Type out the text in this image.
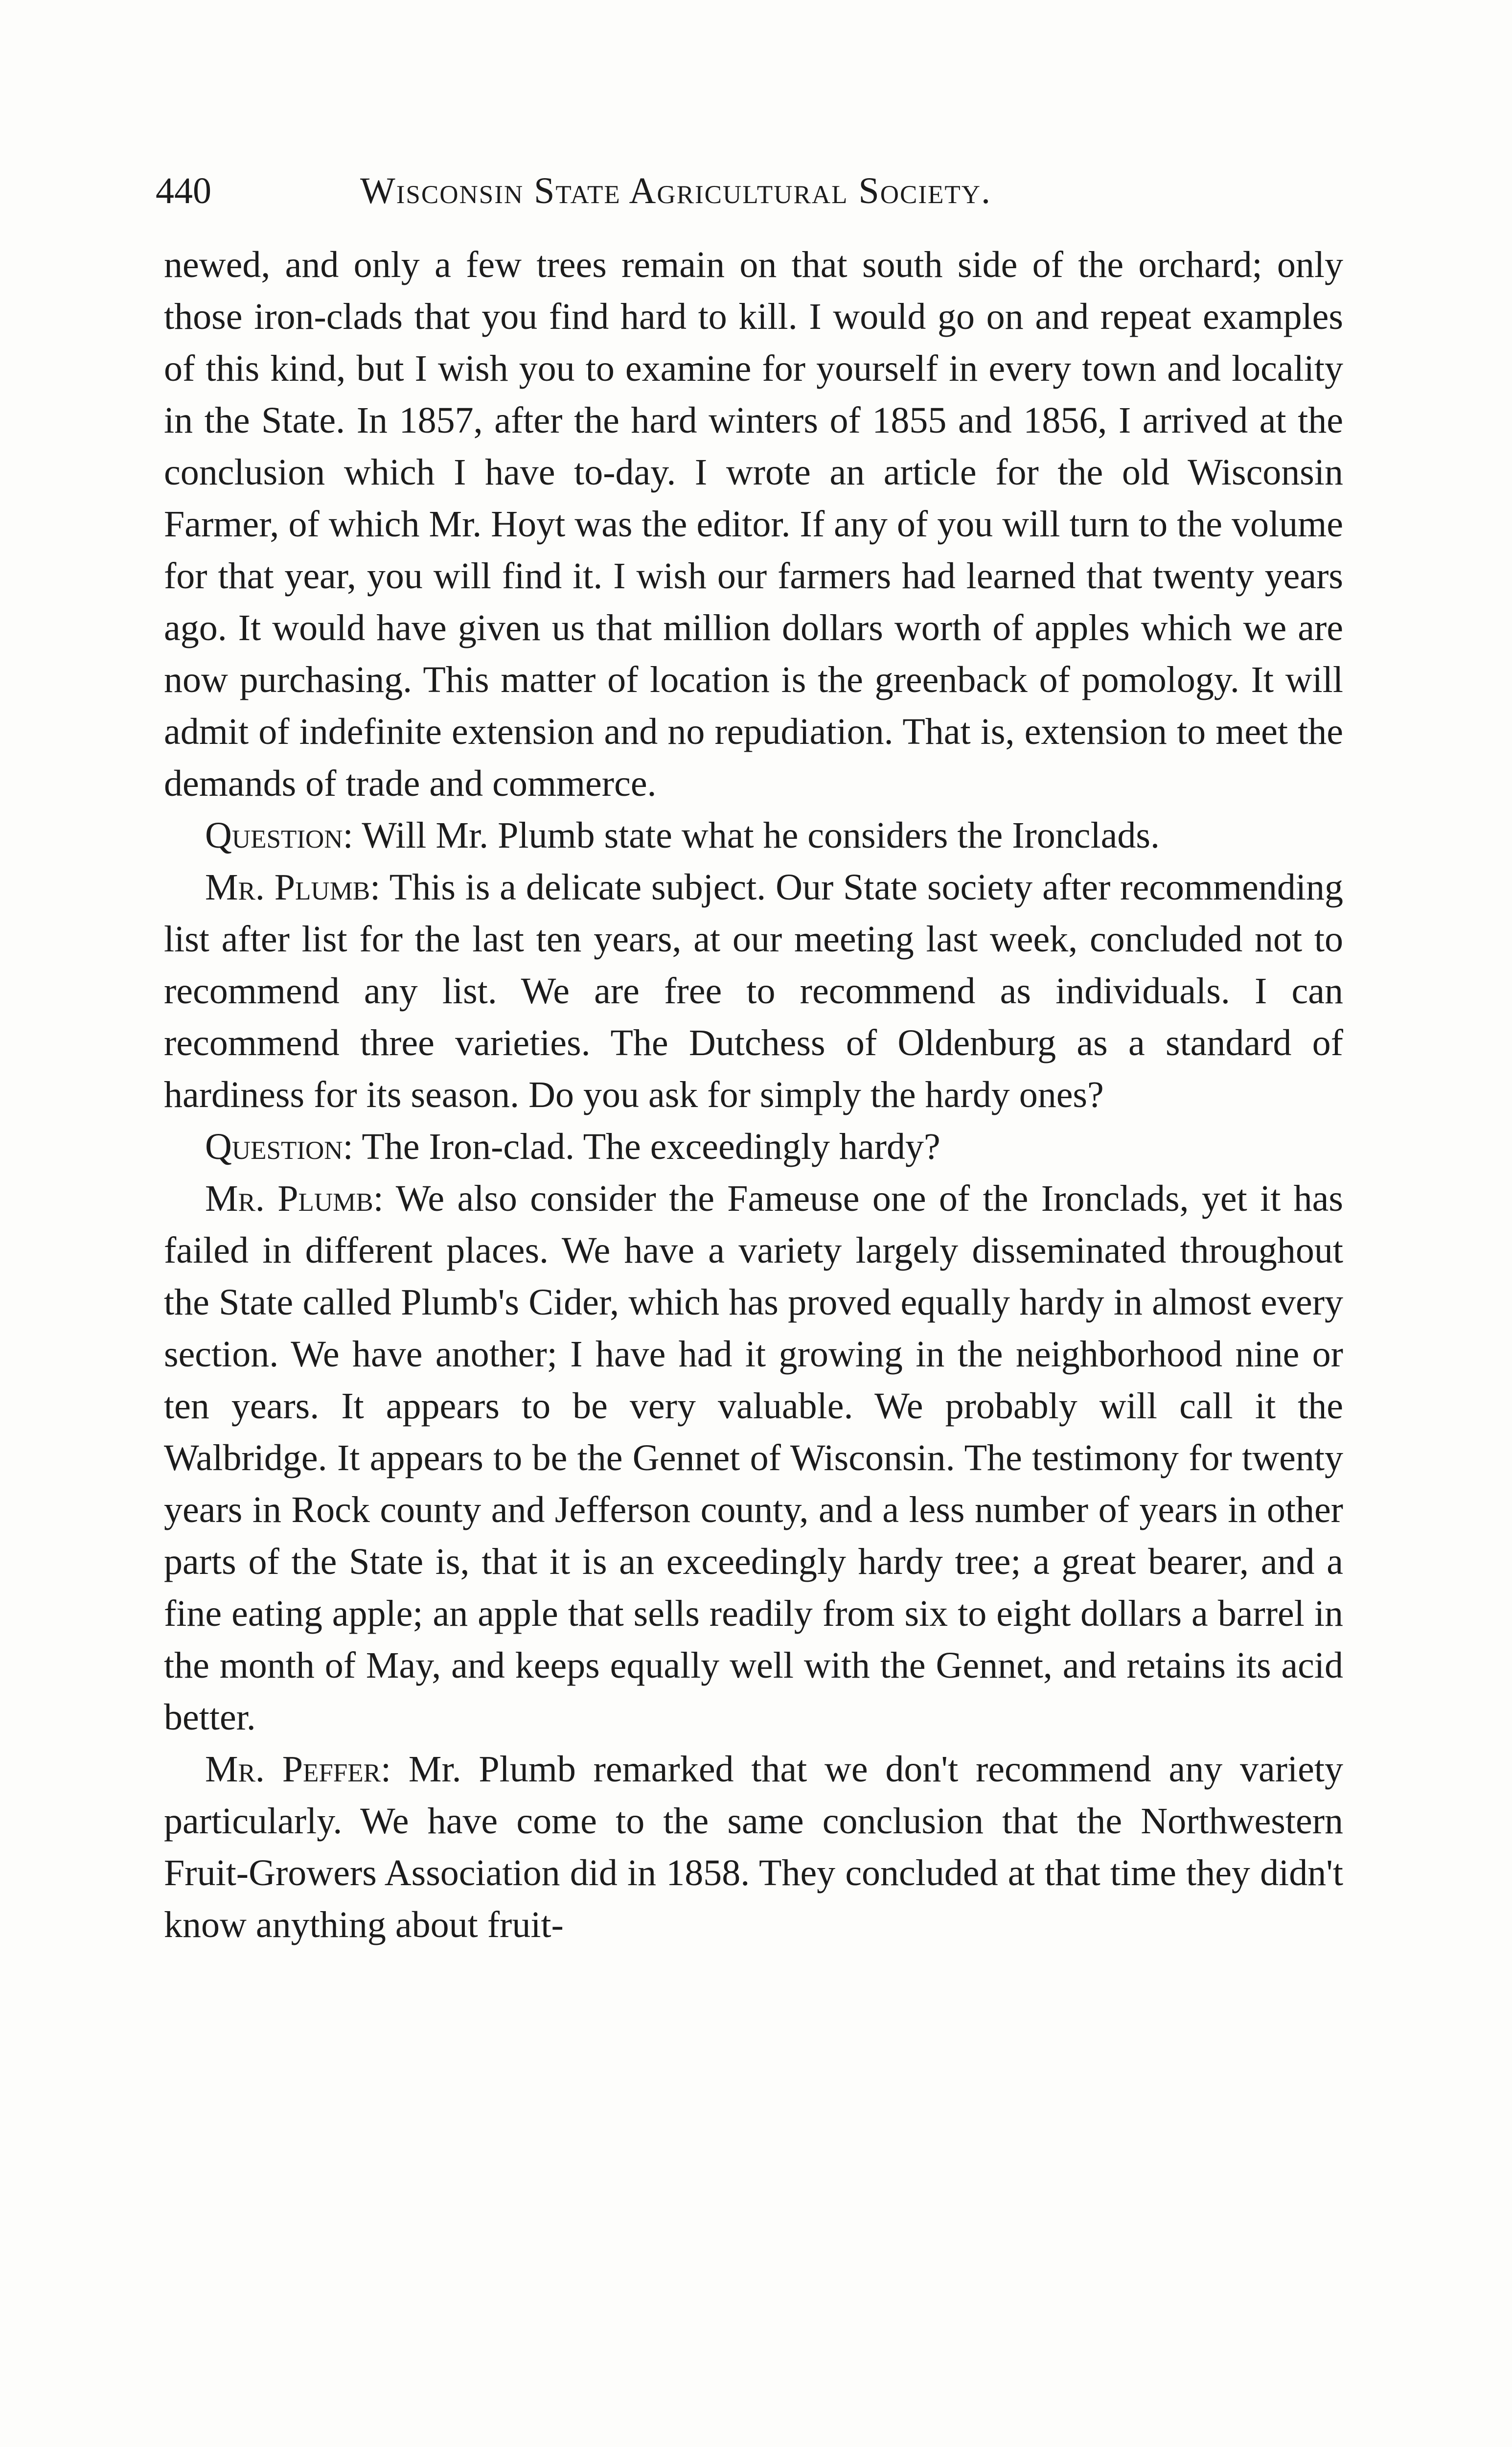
440	Wisconsin State Agricultural Society.

newed, and only a few trees remain on that south side of the orchard; only those iron-clads that you find hard to kill. I would go on and repeat examples of this kind, but I wish you to examine for yourself in every town and locality in the State. In 1857, after the hard winters of 1855 and 1856, I arrived at the conclusion which I have to-day. I wrote an article for the old Wisconsin Farmer, of which Mr. Hoyt was the editor. If any of you will turn to the volume for that year, you will find it. I wish our farmers had learned that twenty years ago. It would have given us that million dollars worth of apples which we are now purchasing. This matter of location is the greenback of pomology. It will admit of indefinite extension and no repudiation. That is, extension to meet the demands of trade and commerce.

Question: Will Mr. Plumb state what he considers the Ironclads.

Mr. Plumb: This is a delicate subject. Our State society after recommending list after list for the last ten years, at our meeting last week, concluded not to recommend any list. We are free to recommend as individuals. I can recommend three varieties. The Dutchess of Oldenburg as a standard of hardiness for its season. Do you ask for simply the hardy ones?

Question: The Iron-clad. The exceedingly hardy?

Mr. Plumb: We also consider the Fameuse one of the Ironclads, yet it has failed in different places. We have a variety largely disseminated throughout the State called Plumb's Cider, which has proved equally hardy in almost every section. We have another; I have had it growing in the neighborhood nine or ten years. It appears to be very valuable. We probably will call it the Walbridge. It appears to be the Gennet of Wisconsin. The testimony for twenty years in Rock county and Jefferson county, and a less number of years in other parts of the State is, that it is an exceedingly hardy tree; a great bearer, and a fine eating apple; an apple that sells readily from six to eight dollars a barrel in the month of May, and keeps equally well with the Gennet, and retains its acid better.

Mr. Peffer: Mr. Plumb remarked that we don't recommend any variety particularly. We have come to the same conclusion that the Northwestern Fruit-Growers Association did in 1858. They concluded at that time they didn't know anything about fruit-
